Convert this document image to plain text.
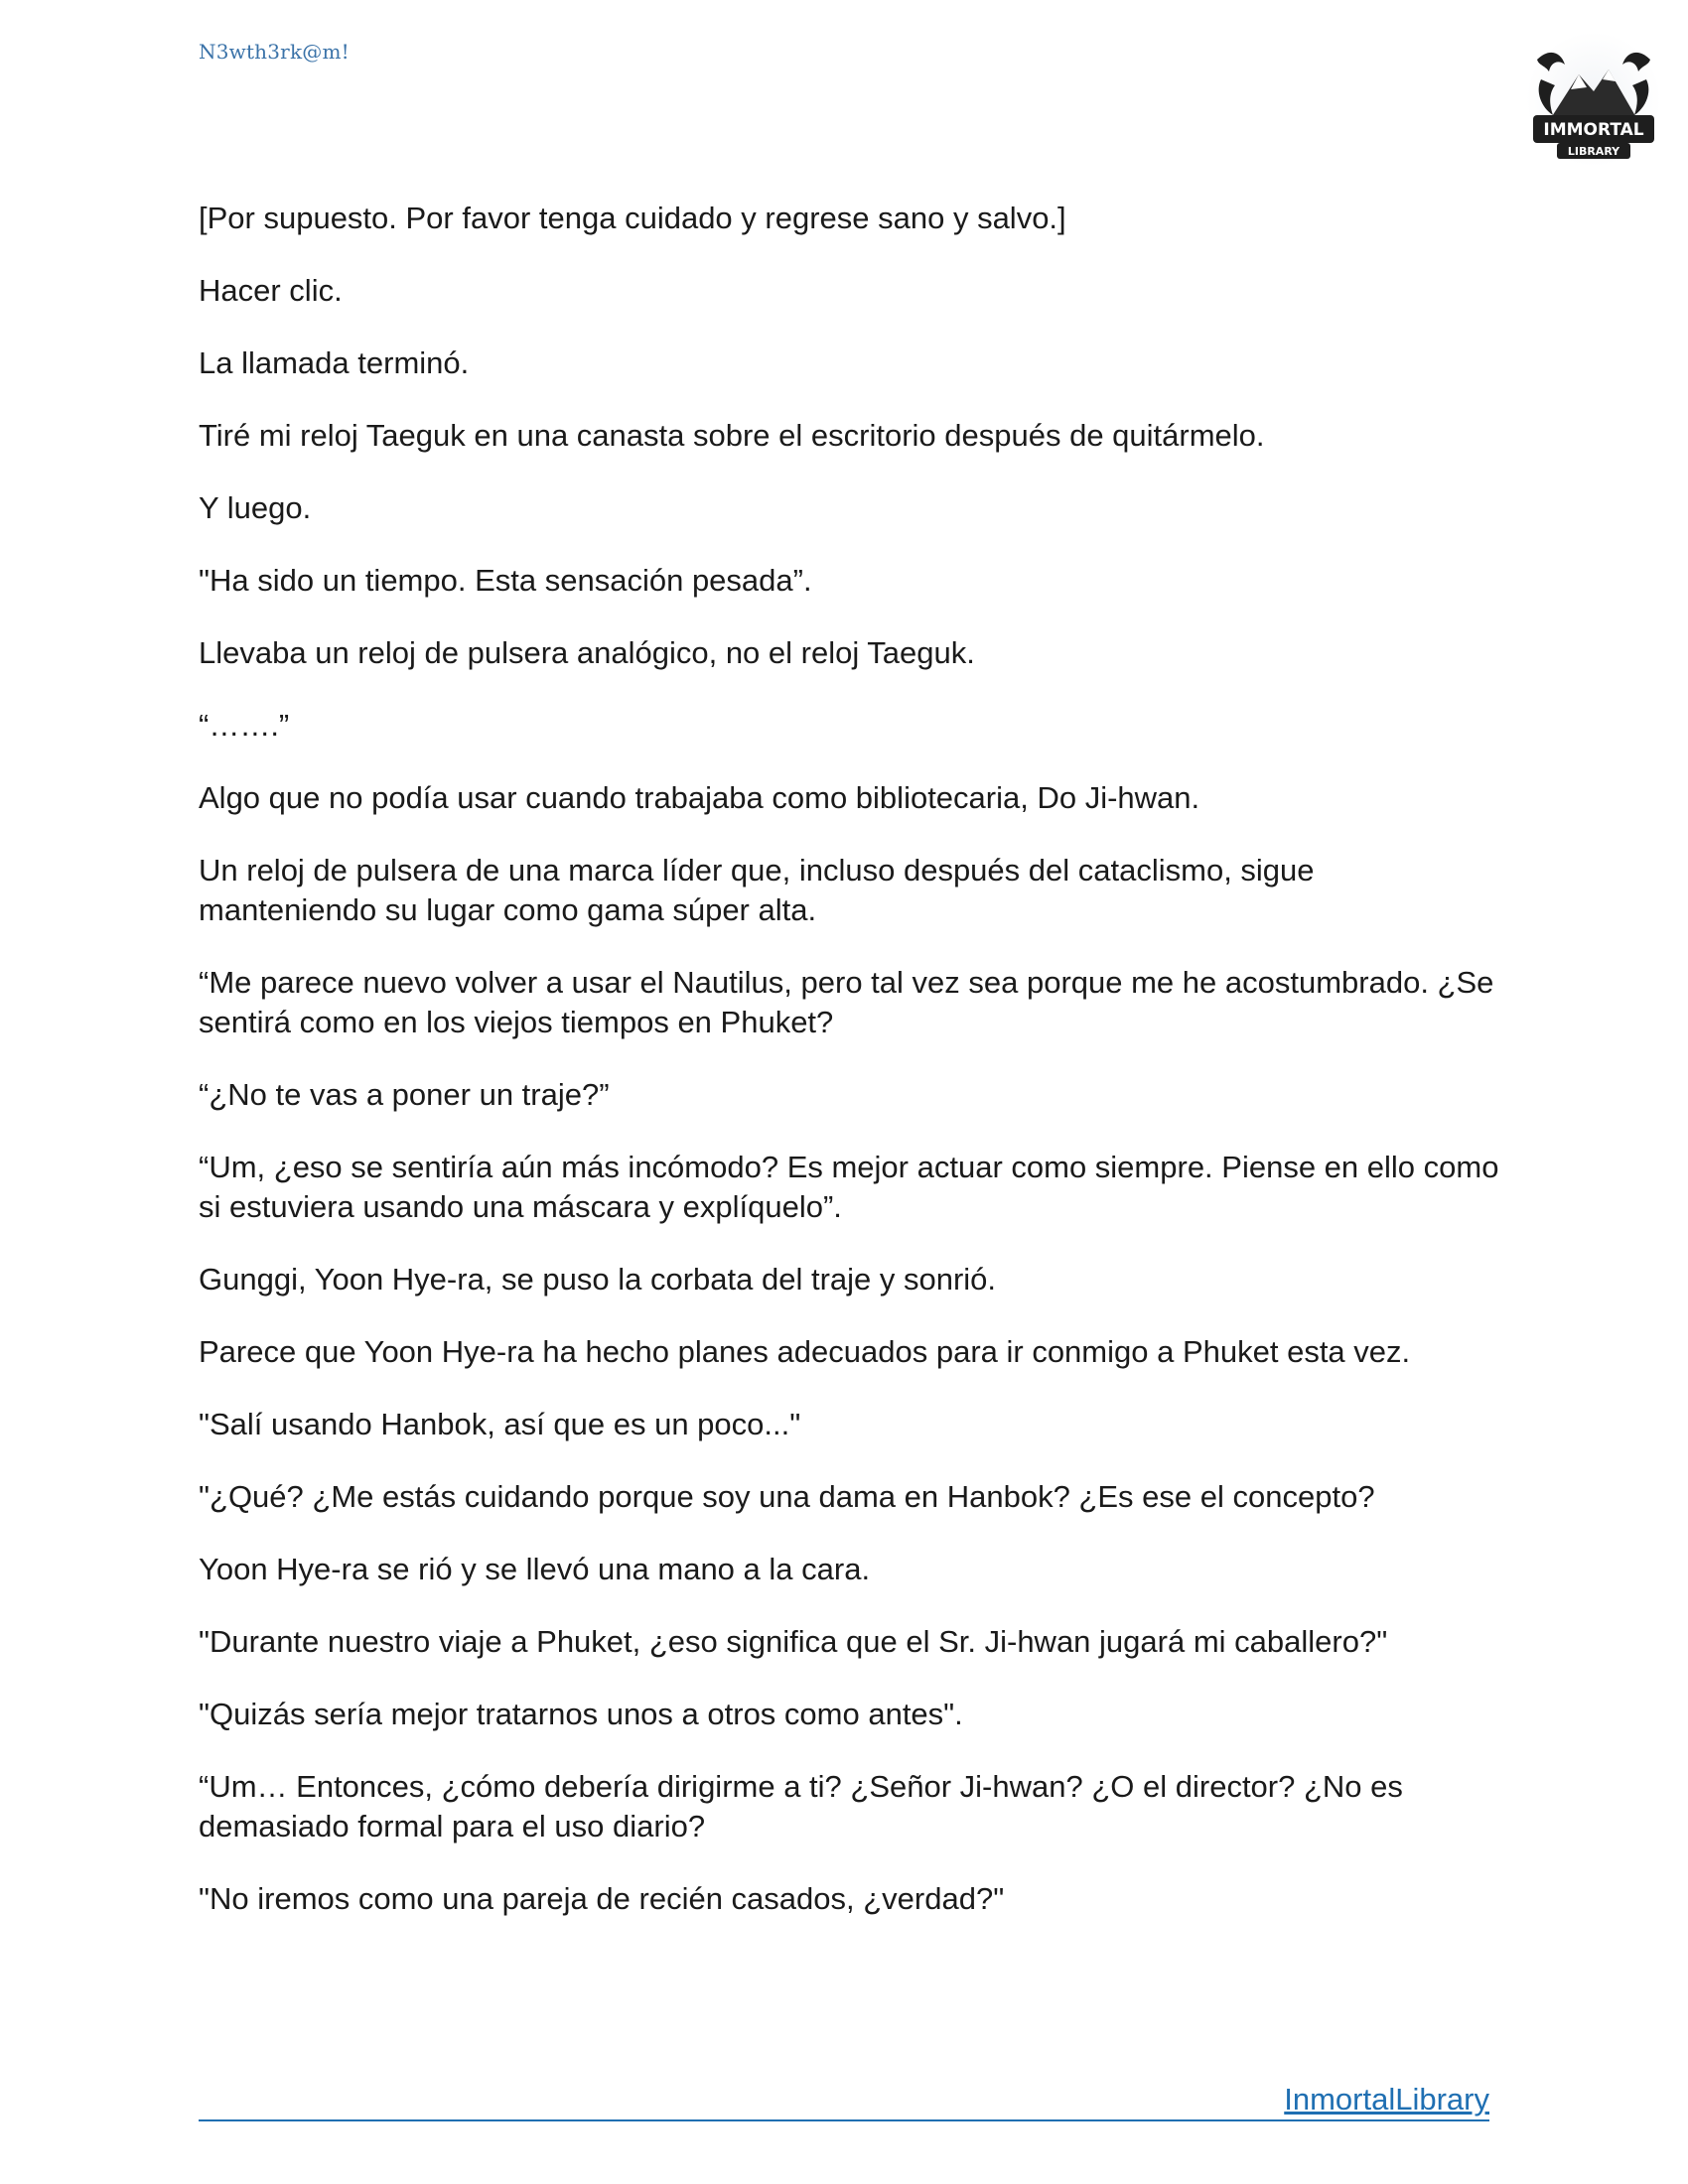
N3wth3rk@m!
IMMORTAL
LIBRARY

[Por supuesto. Por favor tenga cuidado y regrese sano y salvo.]

Hacer clic.

La llamada terminó.

Tiré mi reloj Taeguk en una canasta sobre el escritorio después de quitármelo.

Y luego.

"Ha sido un tiempo. Esta sensación pesada”.

Llevaba un reloj de pulsera analógico, no el reloj Taeguk.

“…….”

Algo que no podía usar cuando trabajaba como bibliotecaria, Do Ji-hwan.

Un reloj de pulsera de una marca líder que, incluso después del cataclismo, sigue manteniendo su lugar como gama súper alta.

“Me parece nuevo volver a usar el Nautilus, pero tal vez sea porque me he acostumbrado. ¿Se sentirá como en los viejos tiempos en Phuket?

“¿No te vas a poner un traje?”

“Um, ¿eso se sentiría aún más incómodo? Es mejor actuar como siempre. Piense en ello como si estuviera usando una máscara y explíquelo”.

Gunggi, Yoon Hye-ra, se puso la corbata del traje y sonrió.

Parece que Yoon Hye-ra ha hecho planes adecuados para ir conmigo a Phuket esta vez.

"Salí usando Hanbok, así que es un poco..."

"¿Qué? ¿Me estás cuidando porque soy una dama en Hanbok? ¿Es ese el concepto?

Yoon Hye-ra se rió y se llevó una mano a la cara.

"Durante nuestro viaje a Phuket, ¿eso significa que el Sr. Ji-hwan jugará mi caballero?"

"Quizás sería mejor tratarnos unos a otros como antes".

“Um… Entonces, ¿cómo debería dirigirme a ti? ¿Señor Ji-hwan? ¿O el director? ¿No es demasiado formal para el uso diario?

"No iremos como una pareja de recién casados, ¿verdad?"

InmortalLibrary
